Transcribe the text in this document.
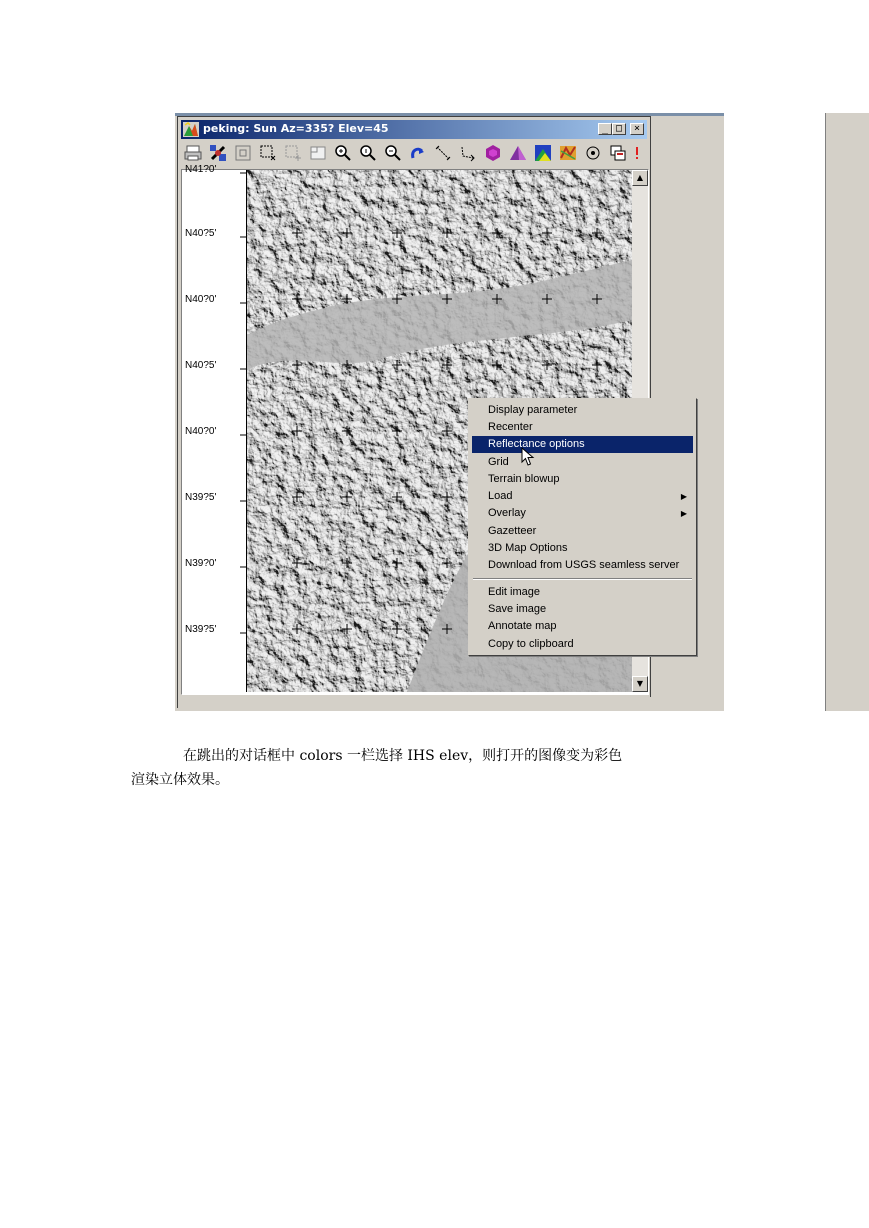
peking: Sun Az=335? Elev=45	_ □	×
N41?0'
N40?5'
N40?0'
N40?5'
N40?0'
N39?5'
N39?0'
N39?5'
▲
▼
Display parameter
Recenter
Reflectance options
Grid
Terrain blowup
Load	▶
Overlay	▶
Gazetteer
3D Map Options
Download from USGS seamless server
Edit image
Save image
Annotate map
Copy to clipboard
在跳出的对话框中 colors 一栏选择 IHS elev，则打开的图像变为彩色
渲染立体效果。
